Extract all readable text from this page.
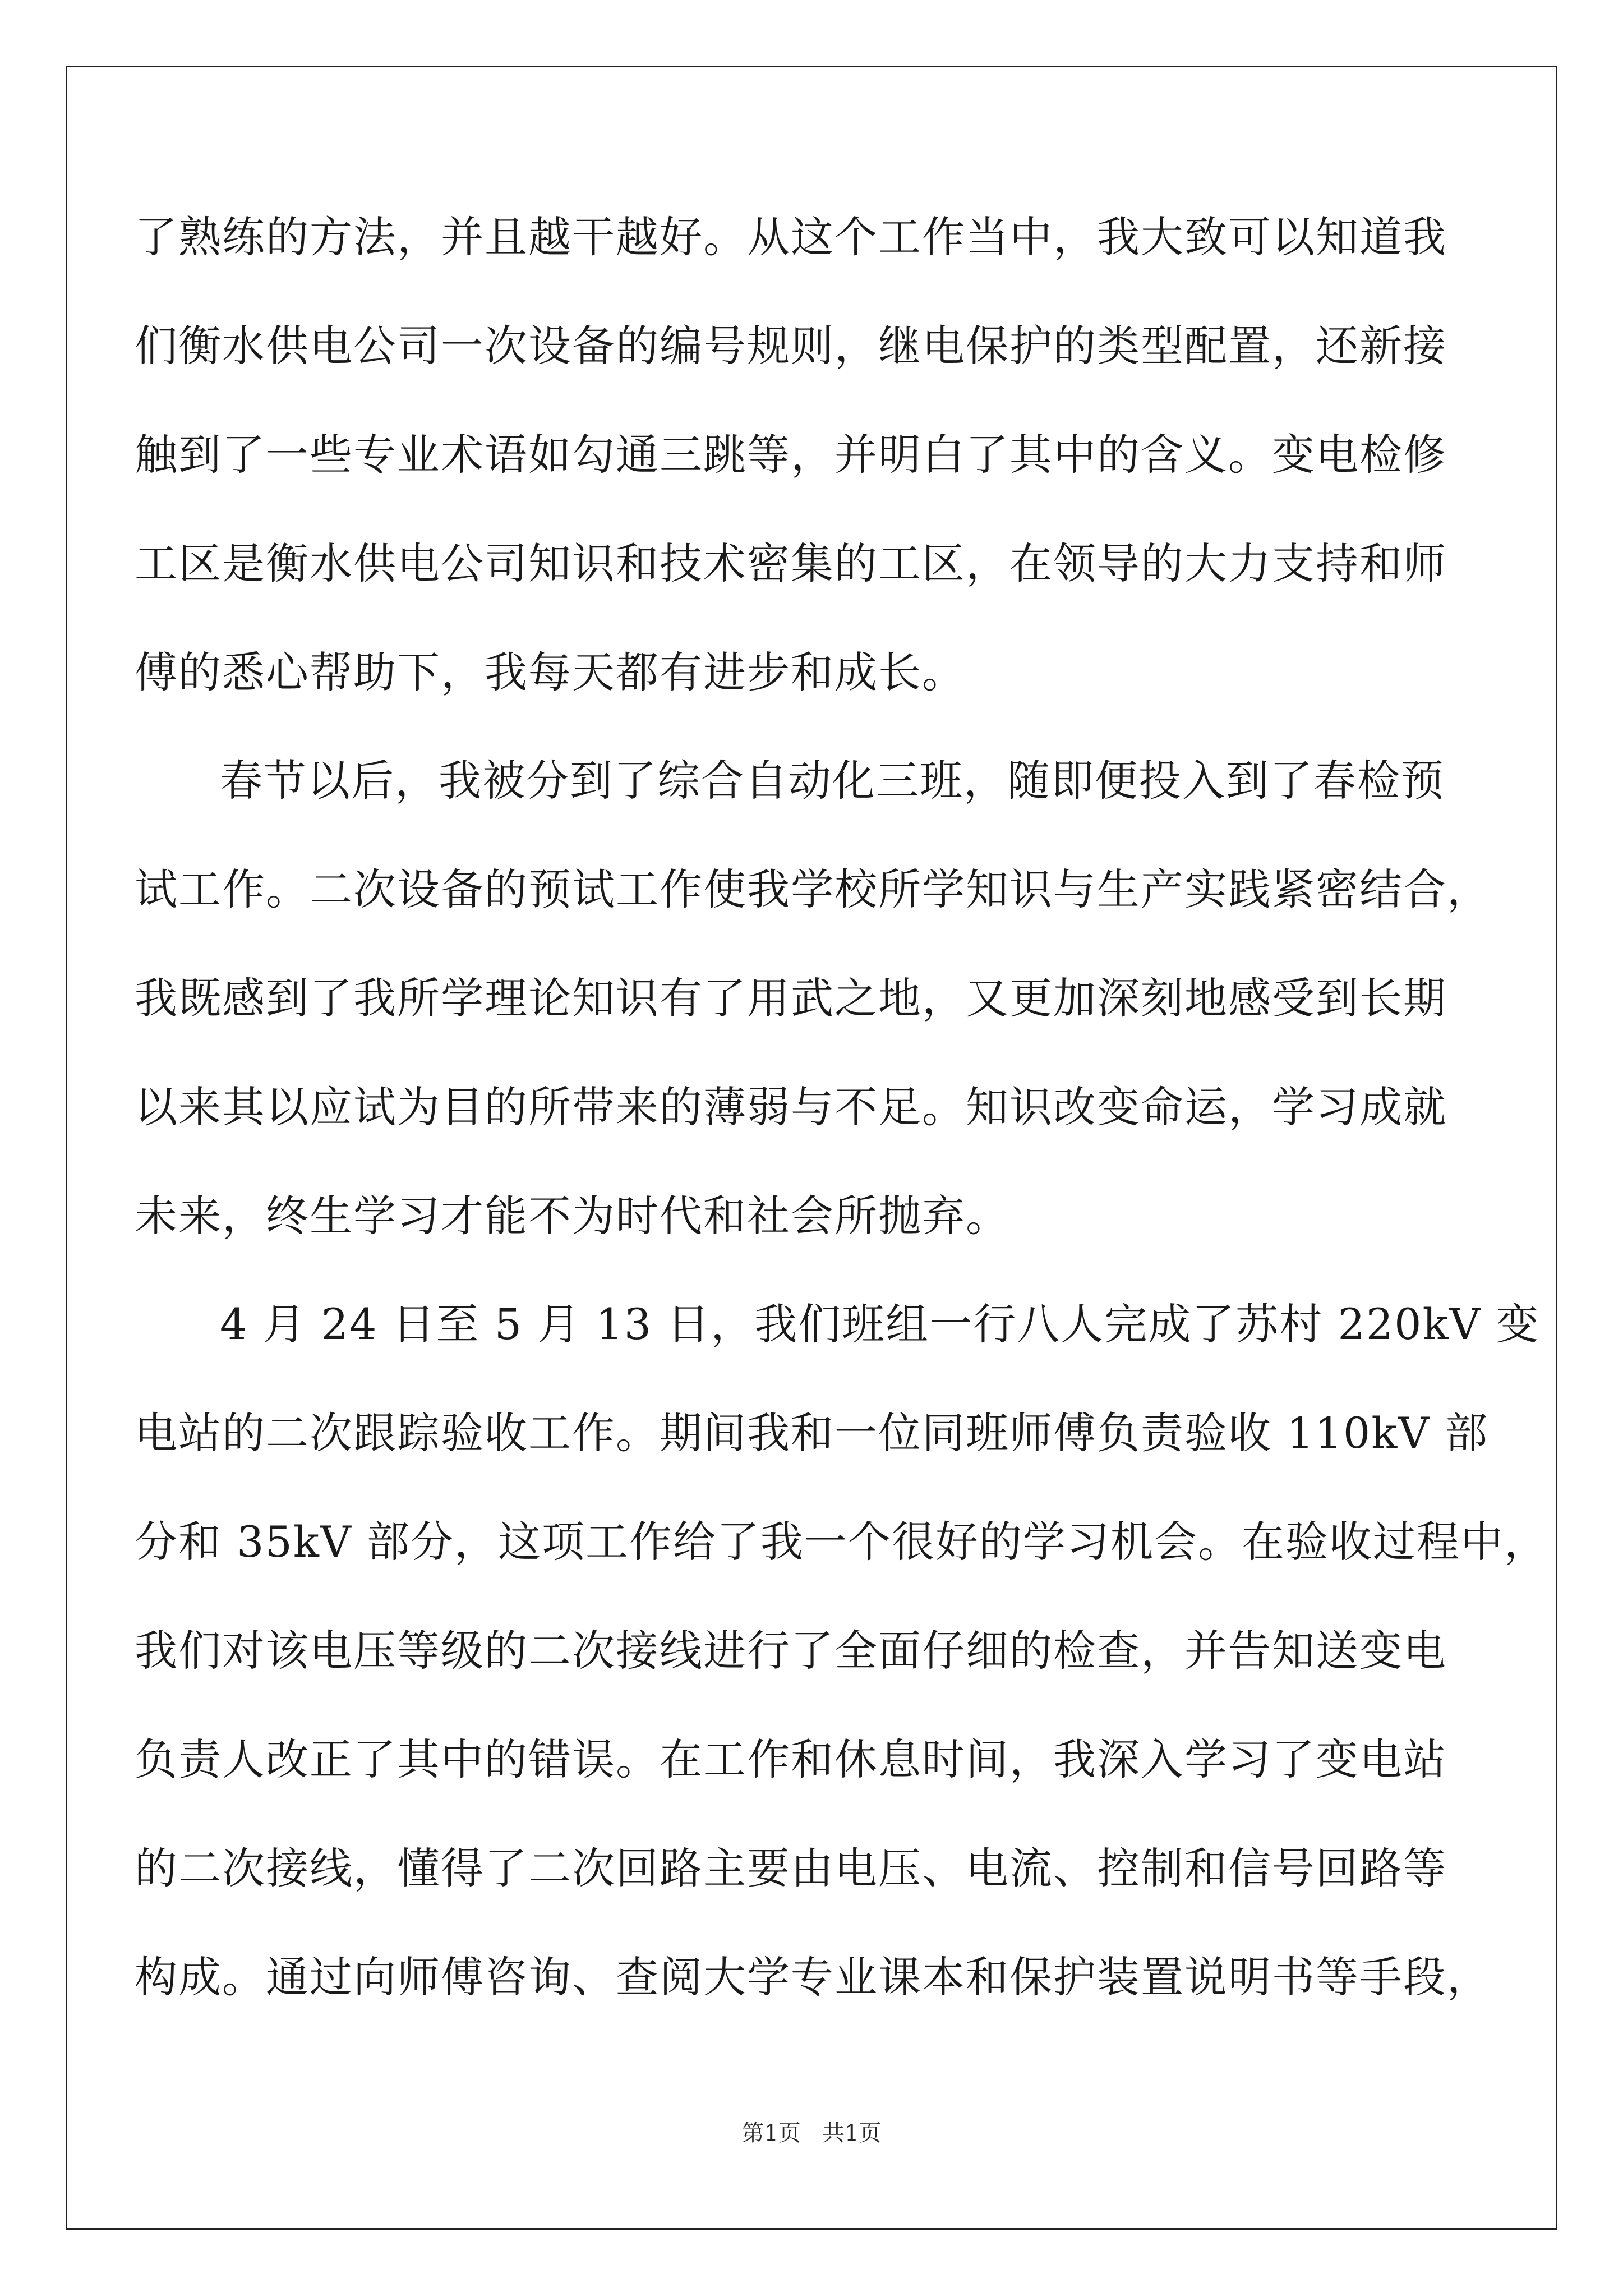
了熟练的方法，并且越干越好。从这个工作当中，我大致可以知道我
们衡水供电公司一次设备的编号规则，继电保护的类型配置，还新接
触到了一些专业术语如勾通三跳等，并明白了其中的含义。变电检修
工区是衡水供电公司知识和技术密集的工区，在领导的大力支持和师
傅的悉心帮助下，我每天都有进步和成长。
春节以后，我被分到了综合自动化三班，随即便投入到了春检预
试工作。二次设备的预试工作使我学校所学知识与生产实践紧密结合，
我既感到了我所学理论知识有了用武之地，又更加深刻地感受到长期
以来其以应试为目的所带来的薄弱与不足。知识改变命运，学习成就
未来，终生学习才能不为时代和社会所抛弃。
4 月 24 日至 5 月 13 日，我们班组一行八人完成了苏村 220kV 变
电站的二次跟踪验收工作。期间我和一位同班师傅负责验收 110kV 部
分和 35kV 部分，这项工作给了我一个很好的学习机会。在验收过程中，
我们对该电压等级的二次接线进行了全面仔细的检查，并告知送变电
负责人改正了其中的错误。在工作和休息时间，我深入学习了变电站
的二次接线，懂得了二次回路主要由电压、电流、控制和信号回路等
构成。通过向师傅咨询、查阅大学专业课本和保护装置说明书等手段，
第1页   共1页
